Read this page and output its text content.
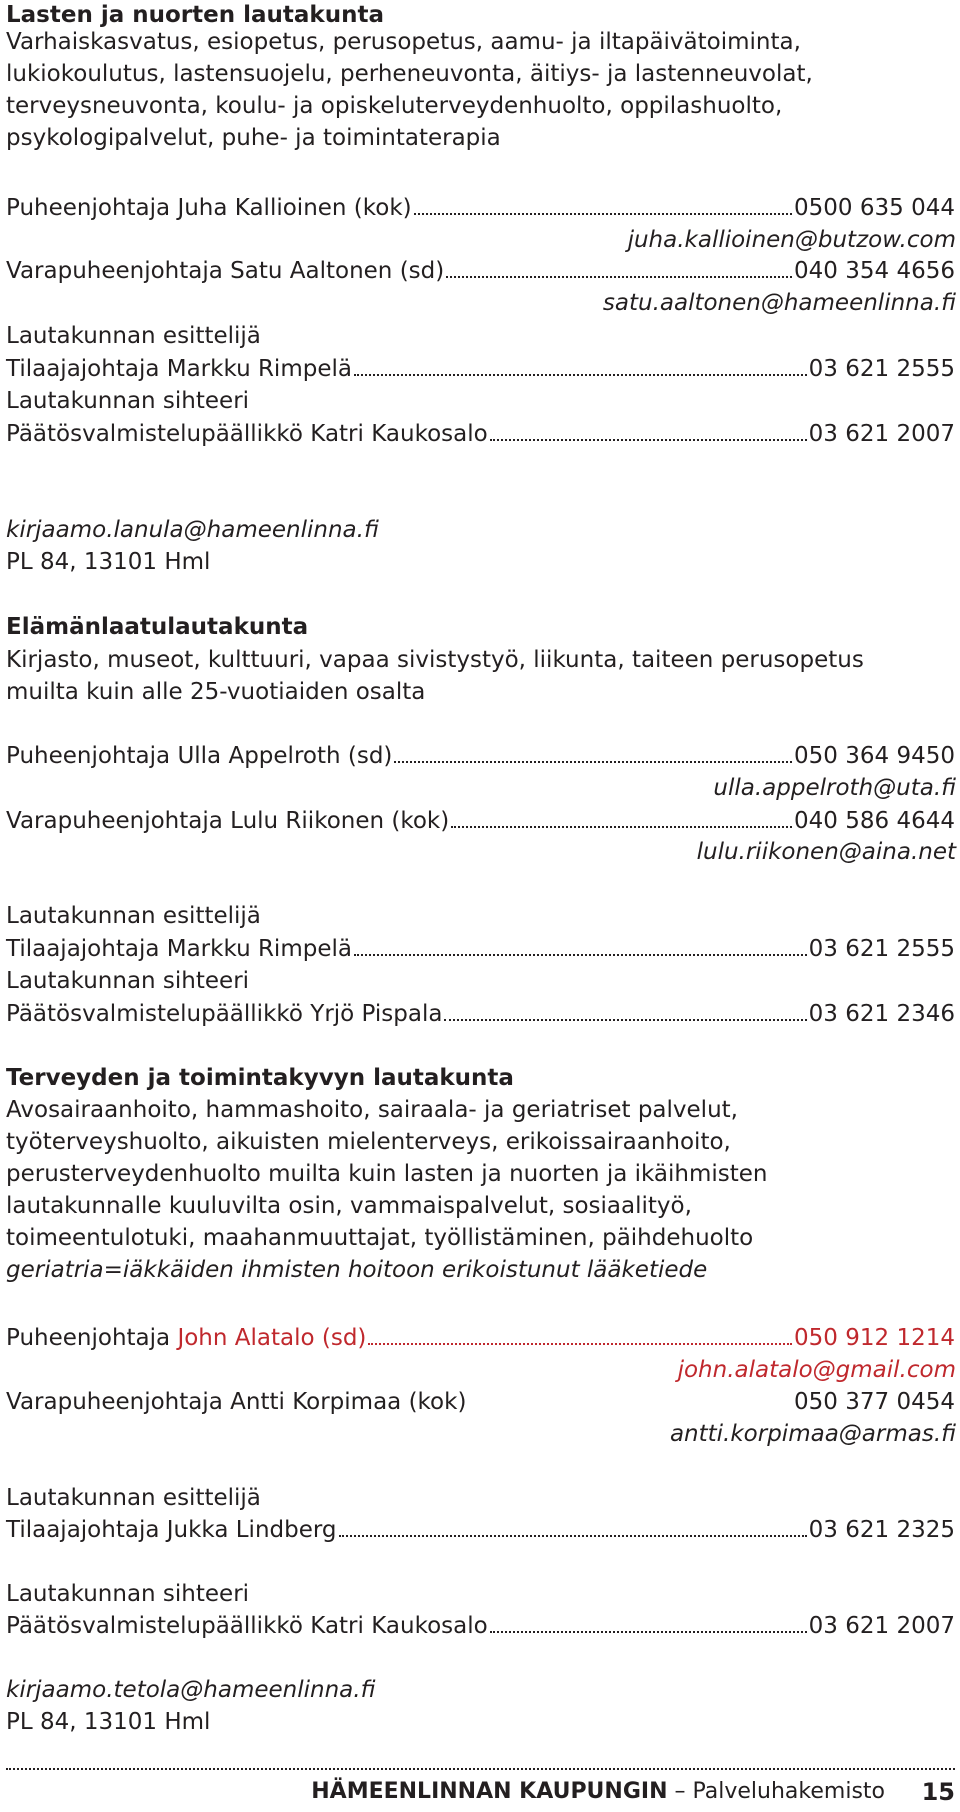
Lasten ja nuorten lautakunta
Varhaiskasvatus, esiopetus, perusopetus, aamu- ja iltapäivätoiminta,
lukiokoulutus, lastensuojelu, perheneuvonta, äitiys- ja lastenneuvolat,
terveysneuvonta, koulu- ja opiskeluterveydenhuolto, oppilashuolto,
psykologipalvelut, puhe- ja toimintaterapia
Puheenjohtaja Juha Kallioinen (kok)	0500 635 044
juha.kallioinen@butzow.com
Varapuheenjohtaja Satu Aaltonen (sd)	040 354 4656
satu.aaltonen@hameenlinna.fi
Lautakunnan esittelijä
Tilaajajohtaja Markku Rimpelä	03 621 2555
Lautakunnan sihteeri
Päätösvalmistelupäällikkö Katri Kaukosalo	03 621 2007
kirjaamo.lanula@hameenlinna.fi
PL 84, 13101 Hml
Elämänlaatulautakunta
Kirjasto, museot, kulttuuri, vapaa sivistystyö, liikunta, taiteen perusopetus
muilta kuin alle 25-vuotiaiden osalta
Puheenjohtaja Ulla Appelroth (sd)	050 364 9450
ulla.appelroth@uta.fi
Varapuheenjohtaja Lulu Riikonen (kok)	040 586 4644
lulu.riikonen@aina.net
Lautakunnan esittelijä
Tilaajajohtaja Markku Rimpelä	03 621 2555
Lautakunnan sihteeri
Päätösvalmistelupäällikkö Yrjö Pispala	03 621 2346
Terveyden ja toimintakyvyn lautakunta
Avosairaanhoito, hammashoito, sairaala- ja geriatriset palvelut,
työterveyshuolto, aikuisten mielenterveys, erikoissairaanhoito,
perusterveydenhuolto muilta kuin lasten ja nuorten ja ikäihmisten
lautakunnalle kuuluvilta osin, vammaispalvelut, sosiaalityö,
toimeentulotuki, maahanmuuttajat, työllistäminen, päihdehuolto
geriatria=iäkkäiden ihmisten hoitoon erikoistunut lääketiede
Puheenjohtaja John Alatalo (sd)	050 912 1214
john.alatalo@gmail.com
Varapuheenjohtaja Antti Korpimaa (kok)	050 377 0454
antti.korpimaa@armas.fi
Lautakunnan esittelijä
Tilaajajohtaja Jukka Lindberg	03 621 2325
Lautakunnan sihteeri
Päätösvalmistelupäällikkö Katri Kaukosalo	03 621 2007
kirjaamo.tetola@hameenlinna.fi
PL 84, 13101 Hml
HÄMEENLINNAN KAUPUNGIN – Palveluhakemisto 15
